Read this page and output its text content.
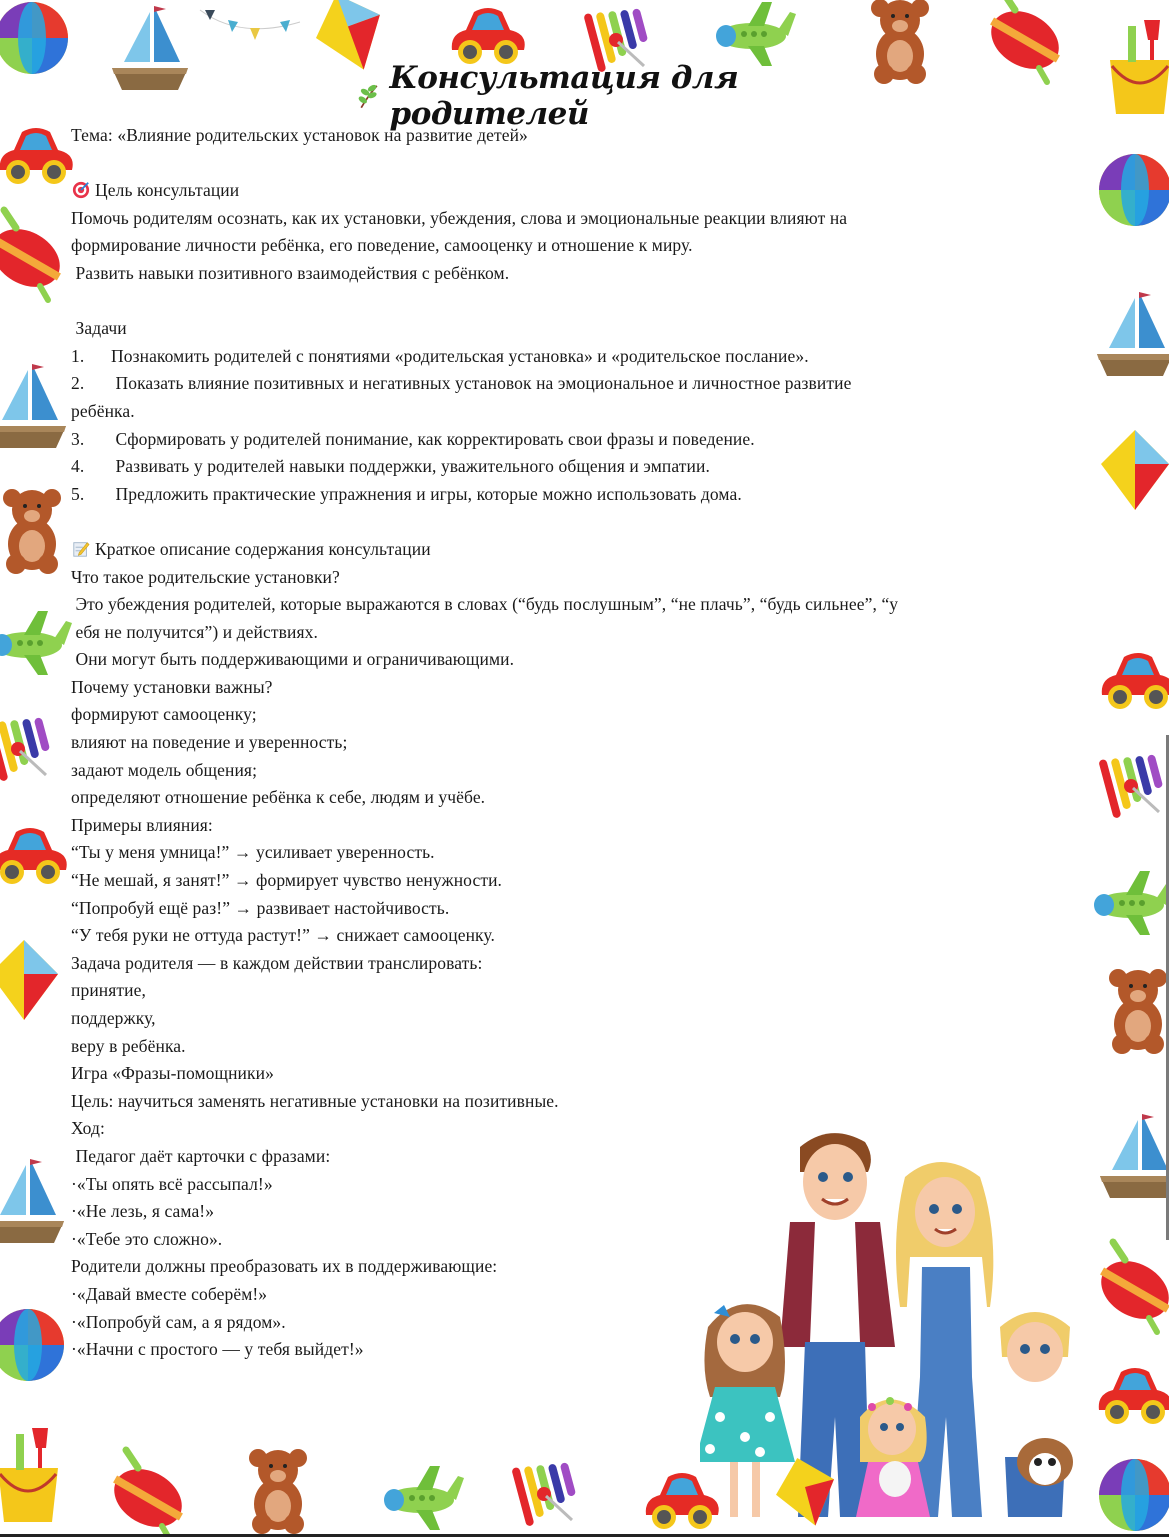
Консультация для родителей
Тема: «Влияние родительских установок на развитие детей»
Цель консультации
Помочь родителям осознать, как их установки, убеждения, слова и эмоциональные реакции влияют на
формирование личности ребёнка, его поведение, самооценку и отношение к миру.
Развить навыки позитивного взаимодействия с ребёнком.
Задачи
1. Познакомить родителей с понятиями «родительская установка» и «родительское послание».
2. Показать влияние позитивных и негативных установок на эмоциональное и личностное развитие
ребёнка.
3. Сформировать у родителей понимание, как корректировать свои фразы и поведение.
4. Развивать у родителей навыки поддержки, уважительного общения и эмпатии.
5. Предложить практические упражнения и игры, которые можно использовать дома.
Краткое описание содержания консультации
Что такое родительские установки?
Это убеждения родителей, которые выражаются в словах (“будь послушным”, “не плачь”, “будь сильнее”, “у
ебя не получится”) и действиях.
Они могут быть поддерживающими и ограничивающими.
Почему установки важны?
формируют самооценку;
влияют на поведение и уверенность;
задают модель общения;
определяют отношение ребёнка к себе, людям и учёбе.
Примеры влияния:
“Ты у меня умница!” → усиливает уверенность.
“Не мешай, я занят!” → формирует чувство ненужности.
“Попробуй ещё раз!” → развивает настойчивость.
“У тебя руки не оттуда растут!” → снижает самооценку.
Задача родителя — в каждом действии транслировать:
принятие,
поддержку,
веру в ребёнка.
Игра «Фразы-помощники»
Цель: научиться заменять негативные установки на позитивные.
Ход:
Педагог даёт карточки с фразами:
·«Ты опять всё рассыпал!»
·«Не лезь, я сама!»
·«Тебе это сложно».
Родители должны преобразовать их в поддерживающие:
·«Давай вместе соберём!»
·«Попробуй сам, а я рядом».
·«Начни с простого — у тебя выйдет!»
